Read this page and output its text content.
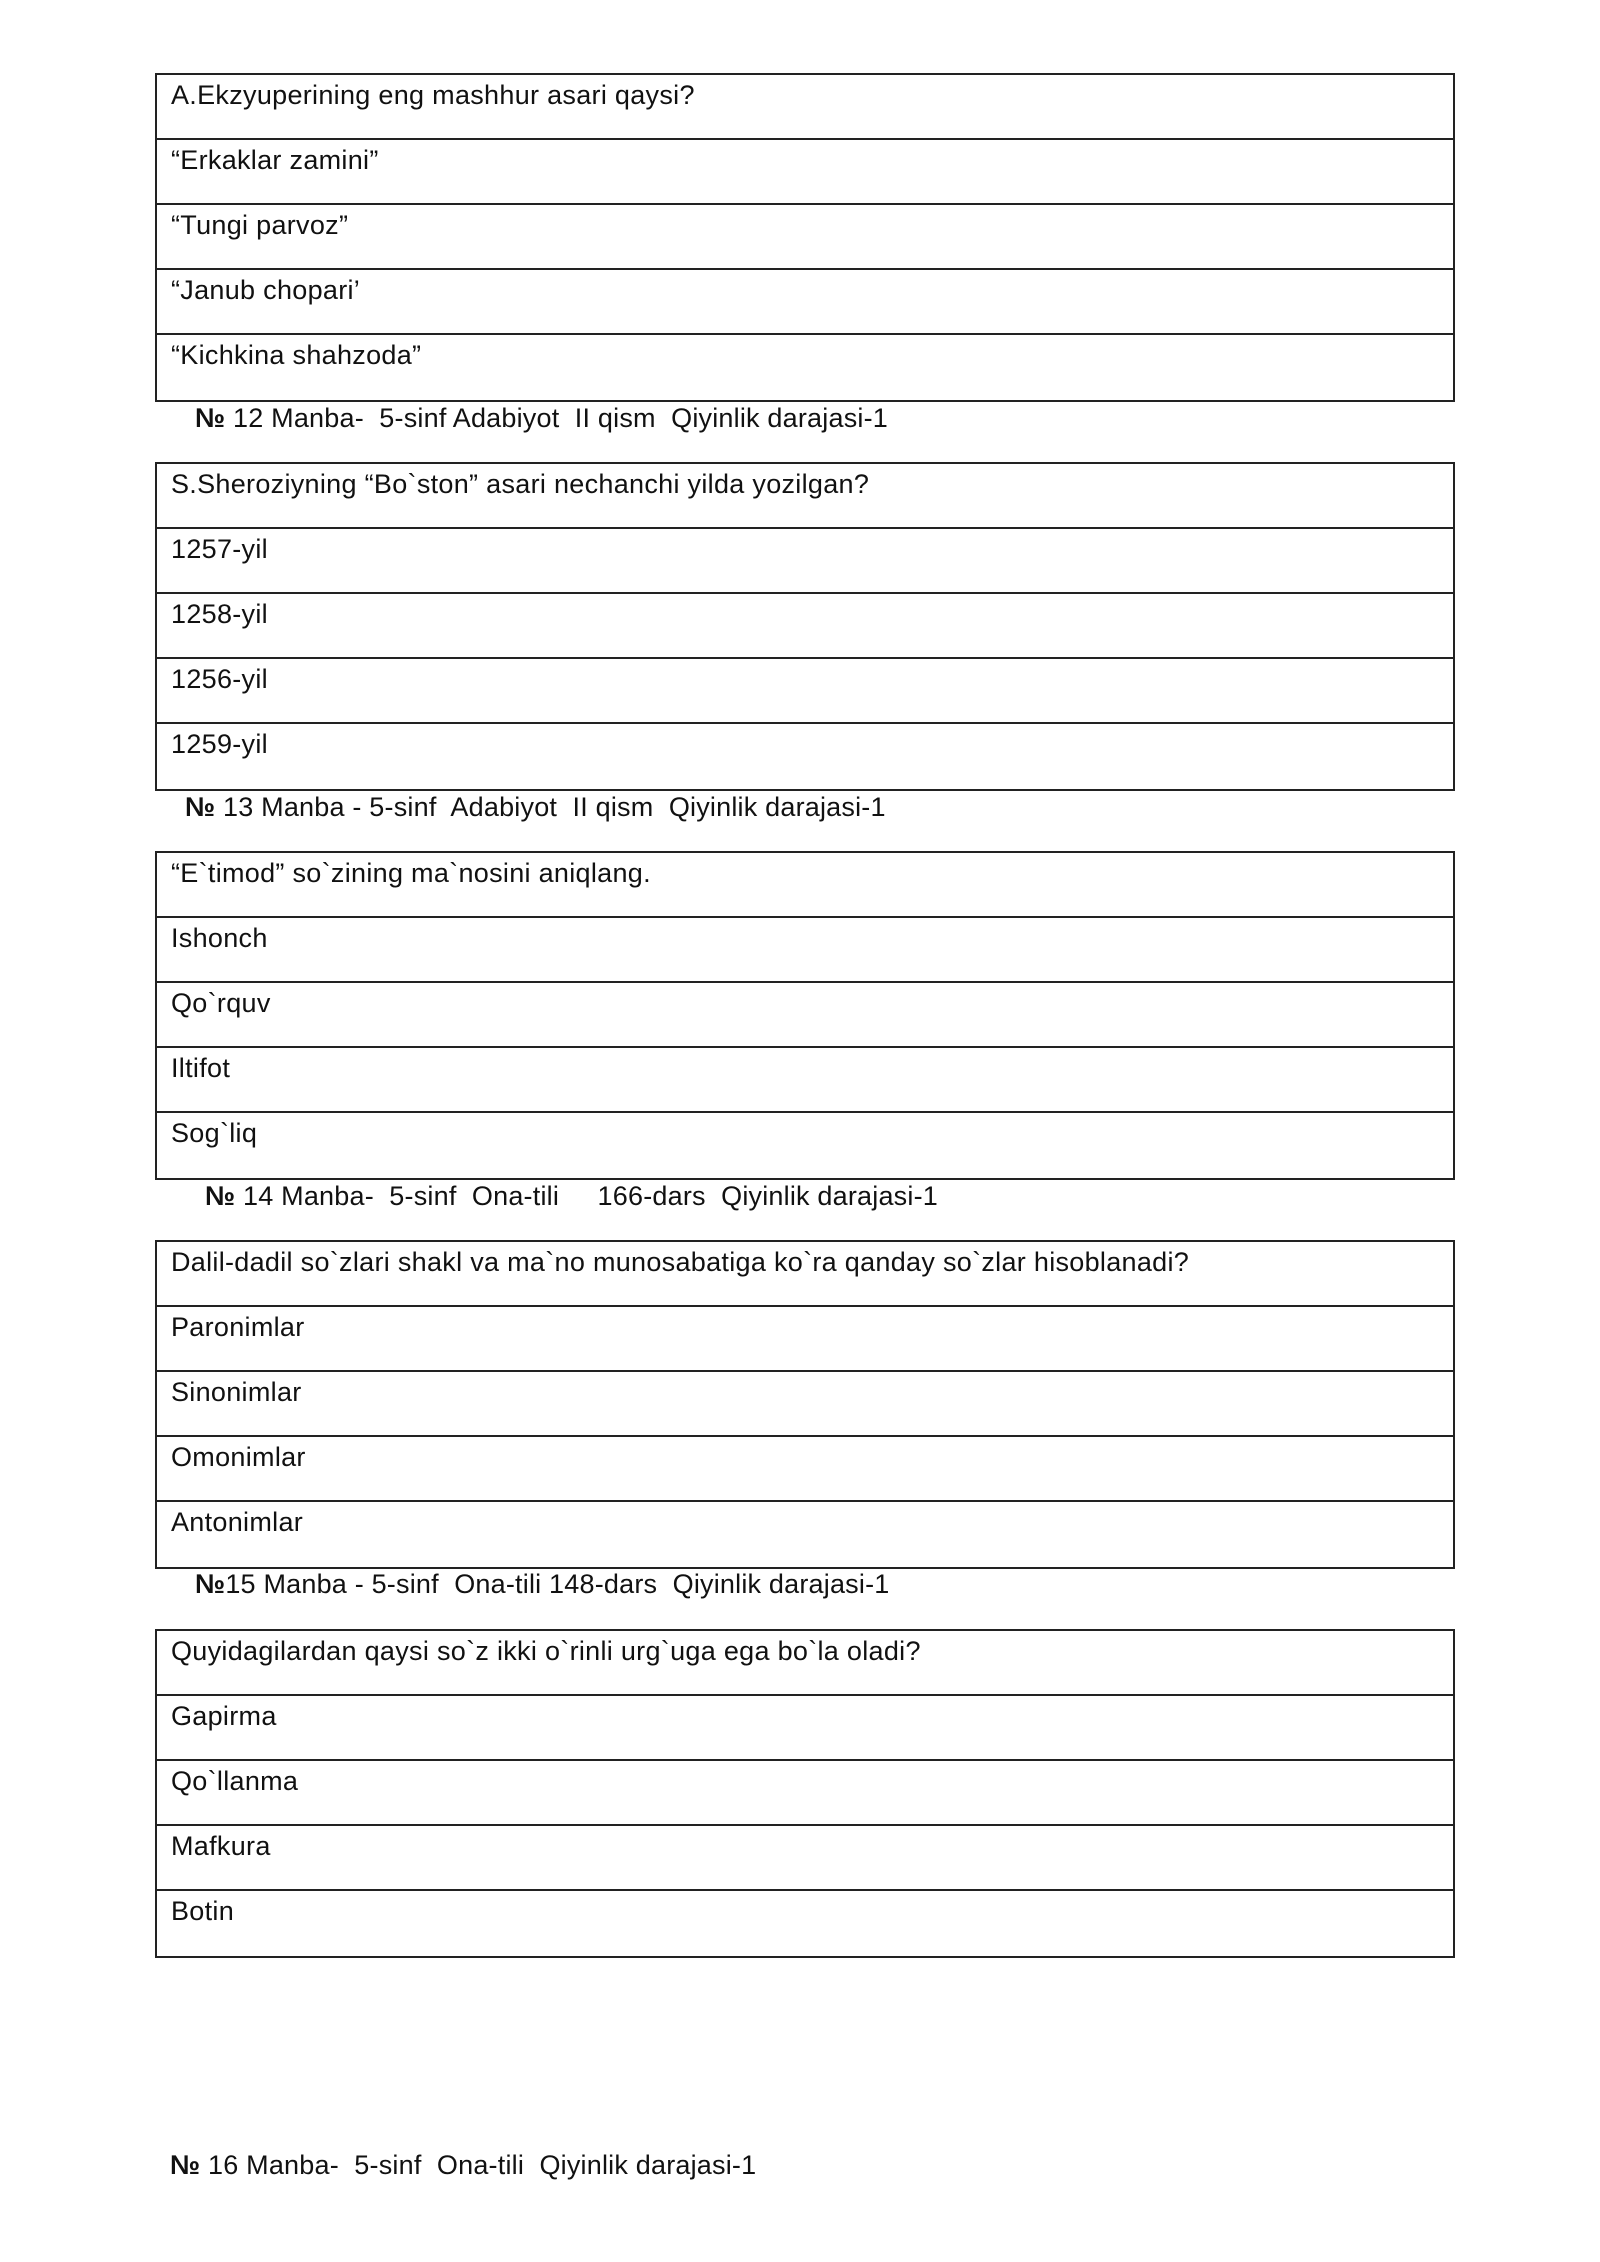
A.Ekzyuperining eng mashhur asari qaysi?
“Erkaklar zamini”
“Tungi parvoz”
“Janub chopari’
“Kichkina shahzoda”
№ 12 Manba-  5-sinf Adabiyot  II qism  Qiyinlik darajasi-1
S.Sheroziyning “Bo`ston” asari nechanchi yilda yozilgan?
1257-yil
1258-yil
1256-yil
1259-yil
№ 13 Manba - 5-sinf  Adabiyot  II qism  Qiyinlik darajasi-1
“E`timod” so`zining ma`nosini aniqlang.
Ishonch
Qo`rquv
Iltifot
Sog`liq
№ 14 Manba-  5-sinf  Ona-tili     166-dars  Qiyinlik darajasi-1
Dalil-dadil so`zlari shakl va ma`no munosabatiga ko`ra qanday so`zlar hisoblanadi?
Paronimlar
Sinonimlar
Omonimlar
Antonimlar
№15 Manba - 5-sinf  Ona-tili 148-dars  Qiyinlik darajasi-1
Quyidagilardan qaysi so`z ikki o`rinli urg`uga ega bo`la oladi?
Gapirma
Qo`llanma
Mafkura
Botin
№ 16 Manba-  5-sinf  Ona-tili  Qiyinlik darajasi-1
